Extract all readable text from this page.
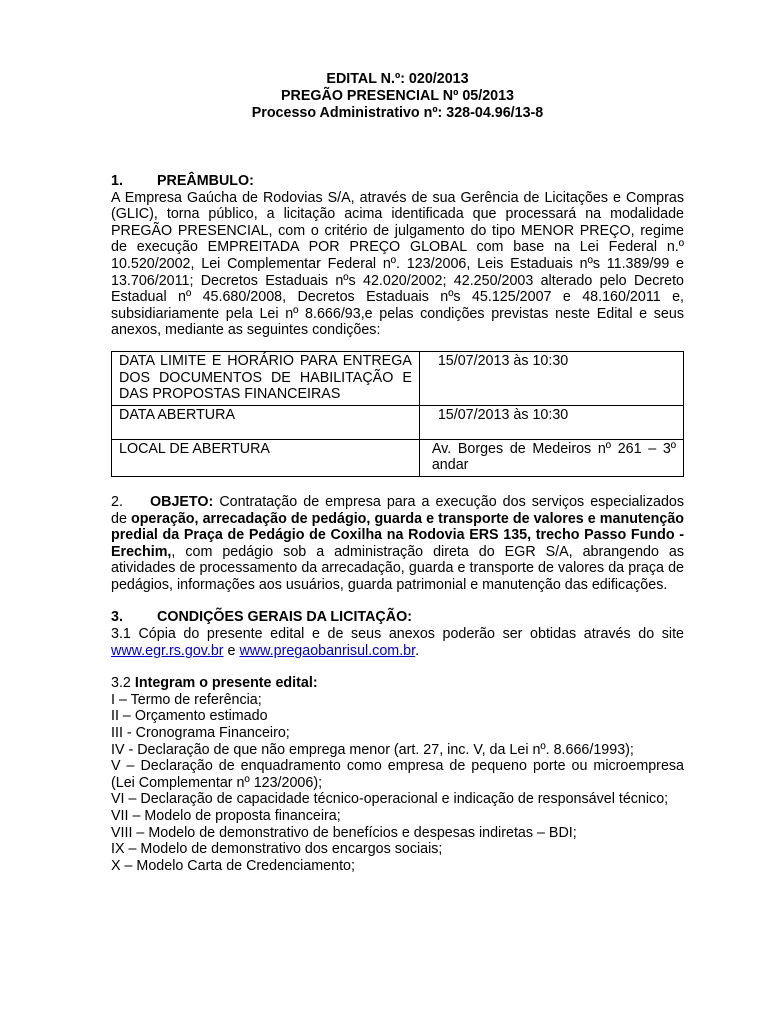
EDITAL N.º: 020/2013
PREGÃO PRESENCIAL Nº 05/2013
Processo Administrativo nº: 328-04.96/13-8

1. PREÂMBULO:

A Empresa Gaúcha de Rodovias S/A, através de sua Gerência de Licitações e Compras (GLIC), torna público, a licitação acima identificada que processará na modalidade PREGÃO PRESENCIAL, com o critério de julgamento do tipo MENOR PREÇO, regime de execução EMPREITADA POR PREÇO GLOBAL com base na Lei Federal n.º 10.520/2002, Lei Complementar Federal nº. 123/2006, Leis Estaduais nºs 11.389/99 e 13.706/2011; Decretos Estaduais nºs 42.020/2002; 42.250/2003 alterado pelo Decreto Estadual nº 45.680/2008, Decretos Estaduais nºs 45.125/2007 e 48.160/2011 e, subsidiariamente pela Lei nº 8.666/93,e pelas condições previstas neste Edital e seus anexos, mediante as seguintes condições:

DATA LIMITE E HORÁRIO PARA ENTREGA DOS DOCUMENTOS DE HABILITAÇÃO E DAS PROPOSTAS FINANCEIRAS	15/07/2013 às 10:30
DATA ABERTURA	15/07/2013 às 10:30
LOCAL DE ABERTURA	Av. Borges de Medeiros nº 261 – 3º andar

2. OBJETO: Contratação de empresa para a execução dos serviços especializados de operação, arrecadação de pedágio, guarda e transporte de valores e manutenção predial da Praça de Pedágio de Coxilha na Rodovia ERS 135, trecho Passo Fundo - Erechim,, com pedágio sob a administração direta do EGR S/A, abrangendo as atividades de processamento da arrecadação, guarda e transporte de valores da praça de pedágios, informações aos usuários, guarda patrimonial e manutenção das edificações.

3. CONDIÇÕES GERAIS DA LICITAÇÃO:

3.1 Cópia do presente edital e de seus anexos poderão ser obtidas através do site www.egr.rs.gov.br e www.pregaobanrisul.com.br.

3.2 Integram o presente edital:

I – Termo de referência;

II – Orçamento estimado

III - Cronograma Financeiro;

IV - Declaração de que não emprega menor (art. 27, inc. V, da Lei nº. 8.666/1993);

V – Declaração de enquadramento como empresa de pequeno porte ou microempresa (Lei Complementar nº 123/2006);

VI – Declaração de capacidade técnico-operacional e indicação de responsável técnico;

VII – Modelo de proposta financeira;

VIII – Modelo de demonstrativo de benefícios e despesas indiretas – BDI;

IX – Modelo de demonstrativo dos encargos sociais;

X – Modelo Carta de Credenciamento;
